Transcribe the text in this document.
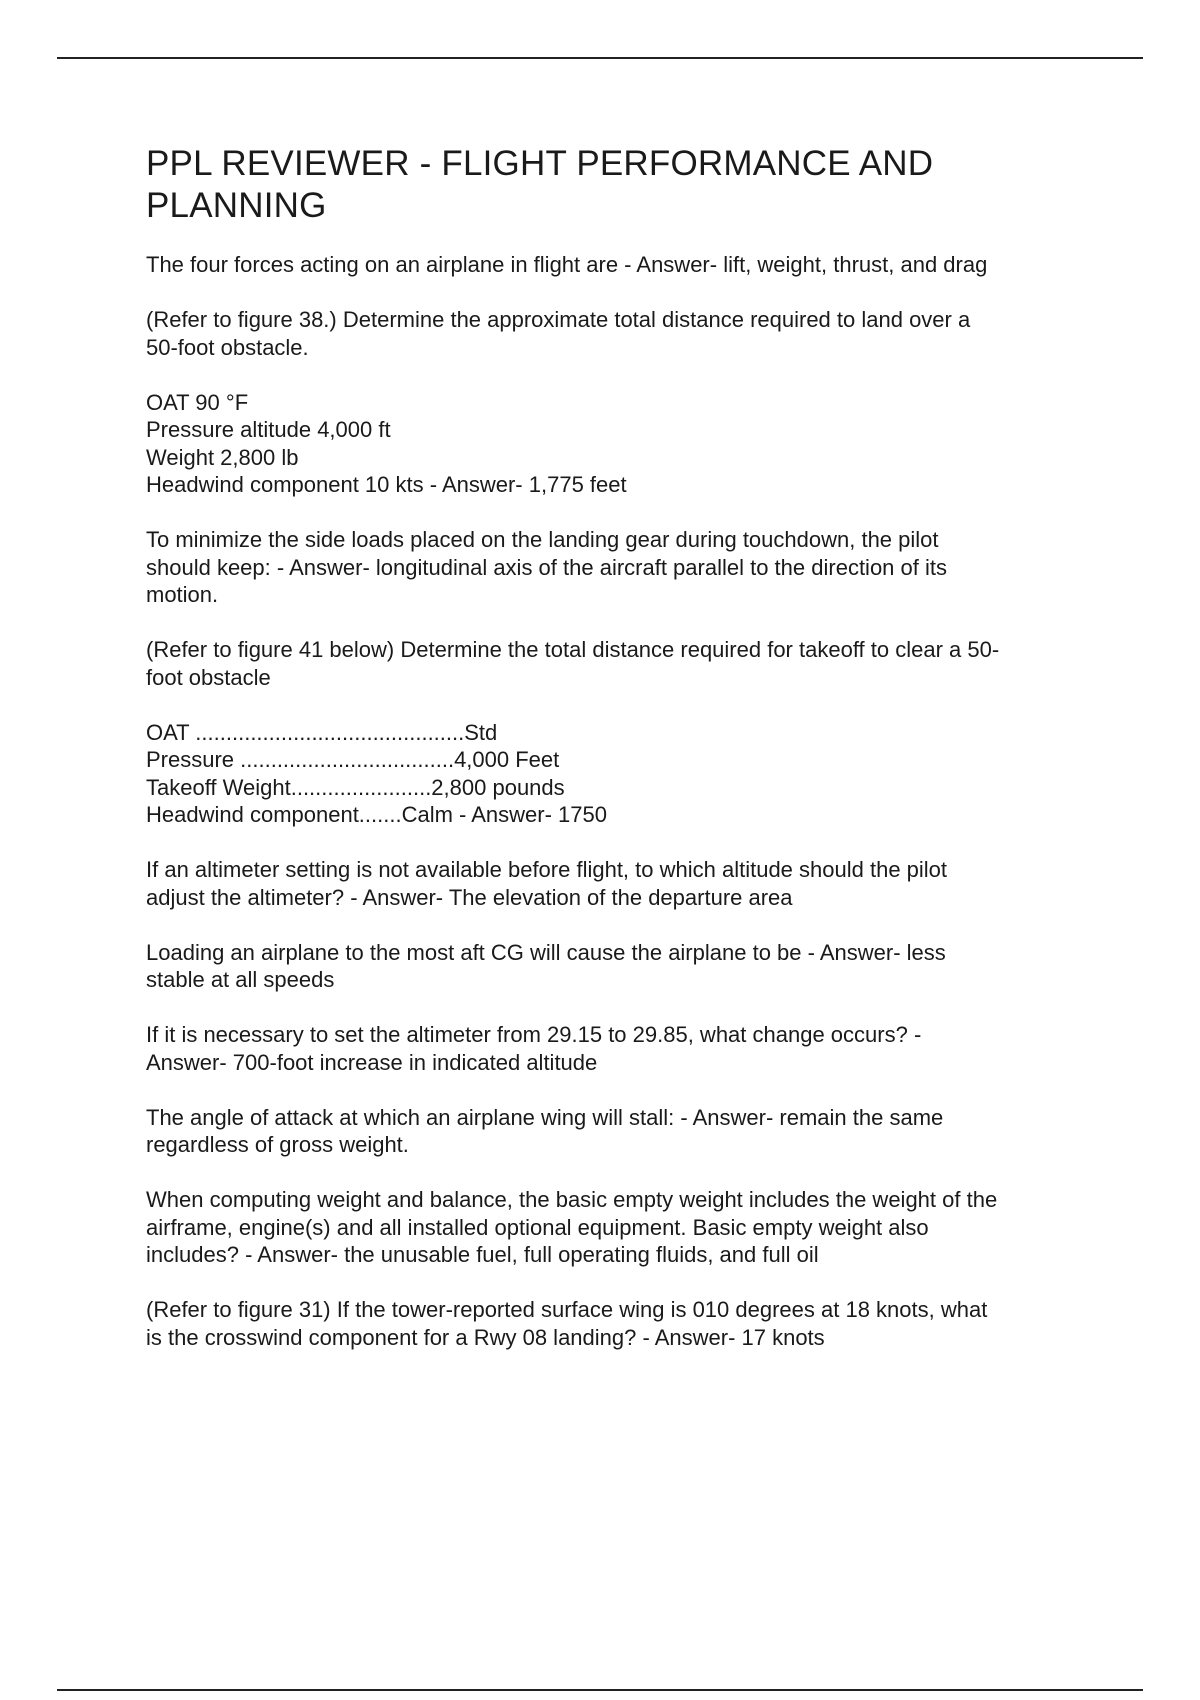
PPL REVIEWER - FLIGHT PERFORMANCE AND
PLANNING
The four forces acting on an airplane in flight are - Answer- lift, weight, thrust, and drag
(Refer to figure 38.) Determine the approximate total distance required to land over a
50-foot obstacle.
OAT 90 °F
Pressure altitude 4,000 ft
Weight 2,800 lb
Headwind component 10 kts - Answer- 1,775 feet
To minimize the side loads placed on the landing gear during touchdown, the pilot
should keep: - Answer- longitudinal axis of the aircraft parallel to the direction of its
motion.
(Refer to figure 41 below) Determine the total distance required for takeoff to clear a 50-
foot obstacle
OAT ............................................Std
Pressure ...................................4,000 Feet
Takeoff Weight.......................2,800 pounds
Headwind component.......Calm - Answer- 1750
If an altimeter setting is not available before flight, to which altitude should the pilot
adjust the altimeter? - Answer- The elevation of the departure area
Loading an airplane to the most aft CG will cause the airplane to be - Answer- less
stable at all speeds
If it is necessary to set the altimeter from 29.15 to 29.85, what change occurs? -
Answer- 700-foot increase in indicated altitude
The angle of attack at which an airplane wing will stall: - Answer- remain the same
regardless of gross weight.
When computing weight and balance, the basic empty weight includes the weight of the
airframe, engine(s) and all installed optional equipment. Basic empty weight also
includes? - Answer- the unusable fuel, full operating fluids, and full oil
(Refer to figure 31) If the tower-reported surface wing is 010 degrees at 18 knots, what
is the crosswind component for a Rwy 08 landing? - Answer- 17 knots
